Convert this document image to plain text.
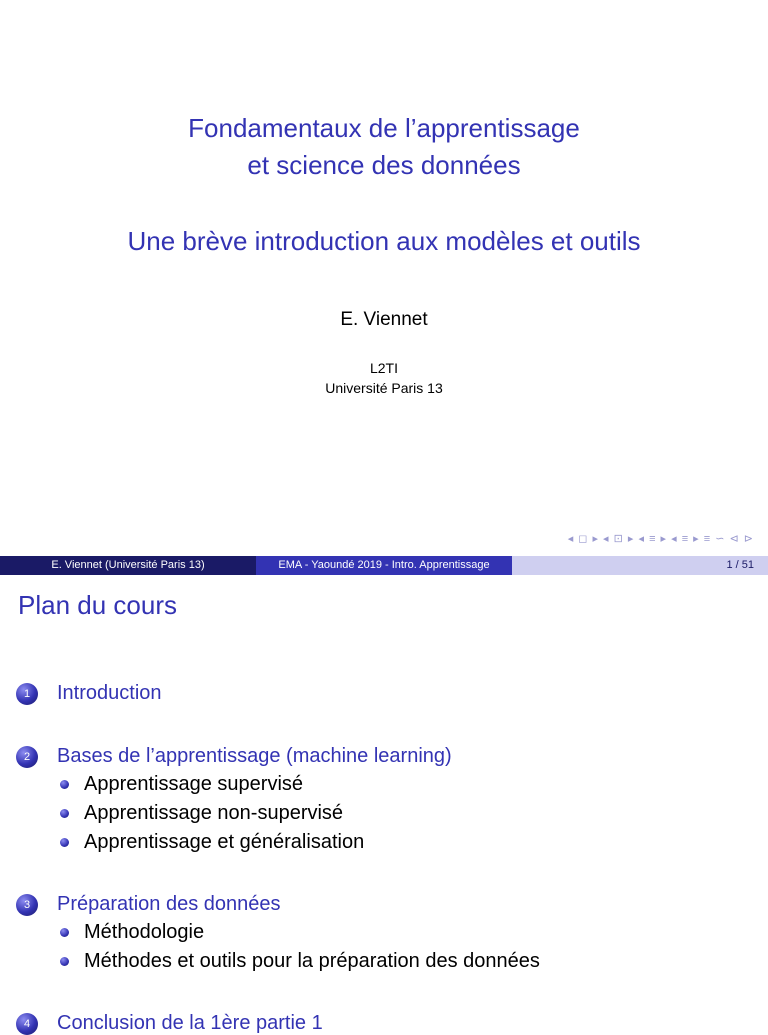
Fondamentaux de l’apprentissage
et science des données
Une brève introduction aux modèles et outils
E. Viennet
L2TI
Université Paris 13
◂ ◻ ▸ ◂ ⊡ ▸ ◂ ≡ ▸ ◂ ≡ ▸ ≡ ∽ ⊲ ⊳
E. Viennet (Université Paris 13)	EMA - Yaoundé 2019 - Intro. Apprentissage	1 / 51
Plan du cours
1	Introduction
2	Bases de l’apprentissage (machine learning)
Apprentissage supervisé
Apprentissage non-supervisé
Apprentissage et généralisation
3	Préparation des données
Méthodologie
Méthodes et outils pour la préparation des données
4	Conclusion de la 1ère partie 1
